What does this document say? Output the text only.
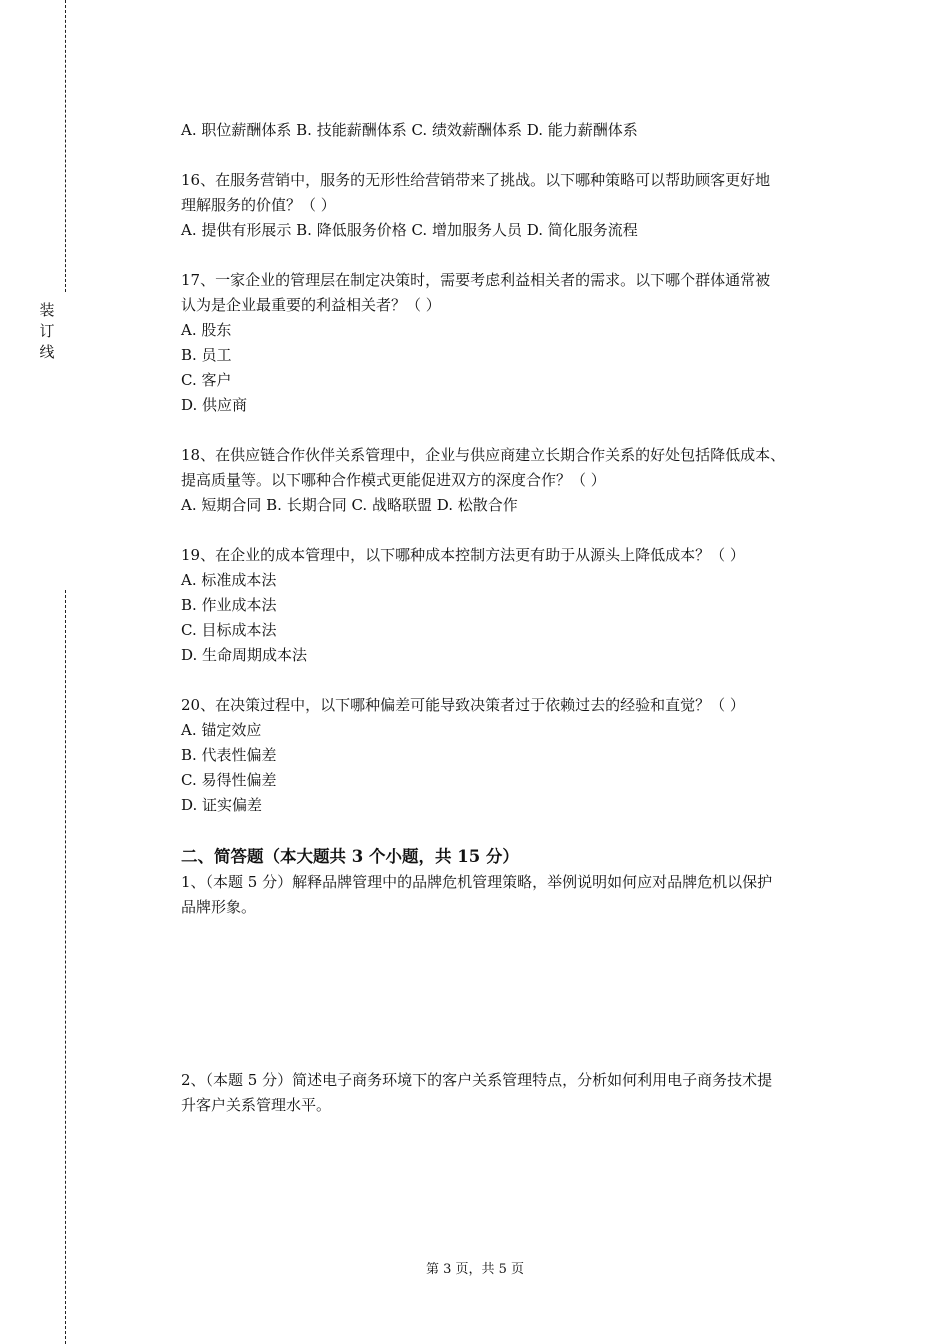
装
订
线
A. 职位薪酬体系 B. 技能薪酬体系 C. 绩效薪酬体系 D. 能力薪酬体系
16、在服务营销中，服务的无形性给营销带来了挑战。以下哪种策略可以帮助顾客更好地
理解服务的价值？（ ）
A. 提供有形展示 B. 降低服务价格 C. 增加服务人员 D. 简化服务流程
17、一家企业的管理层在制定决策时，需要考虑利益相关者的需求。以下哪个群体通常被
认为是企业最重要的利益相关者？（ ）
A. 股东
B. 员工
C. 客户
D. 供应商
18、在供应链合作伙伴关系管理中，企业与供应商建立长期合作关系的好处包括降低成本、
提高质量等。以下哪种合作模式更能促进双方的深度合作？（ ）
A. 短期合同 B. 长期合同 C. 战略联盟 D. 松散合作
19、在企业的成本管理中，以下哪种成本控制方法更有助于从源头上降低成本？（ ）
A. 标准成本法
B. 作业成本法
C. 目标成本法
D. 生命周期成本法
20、在决策过程中，以下哪种偏差可能导致决策者过于依赖过去的经验和直觉？（ ）
A. 锚定效应
B. 代表性偏差
C. 易得性偏差
D. 证实偏差
二、简答题（本大题共 3 个小题，共 15 分）
1、（本题 5 分）解释品牌管理中的品牌危机管理策略，举例说明如何应对品牌危机以保护
品牌形象。
2、（本题 5 分）简述电子商务环境下的客户关系管理特点，分析如何利用电子商务技术提
升客户关系管理水平。
第 3 页，共 5 页
